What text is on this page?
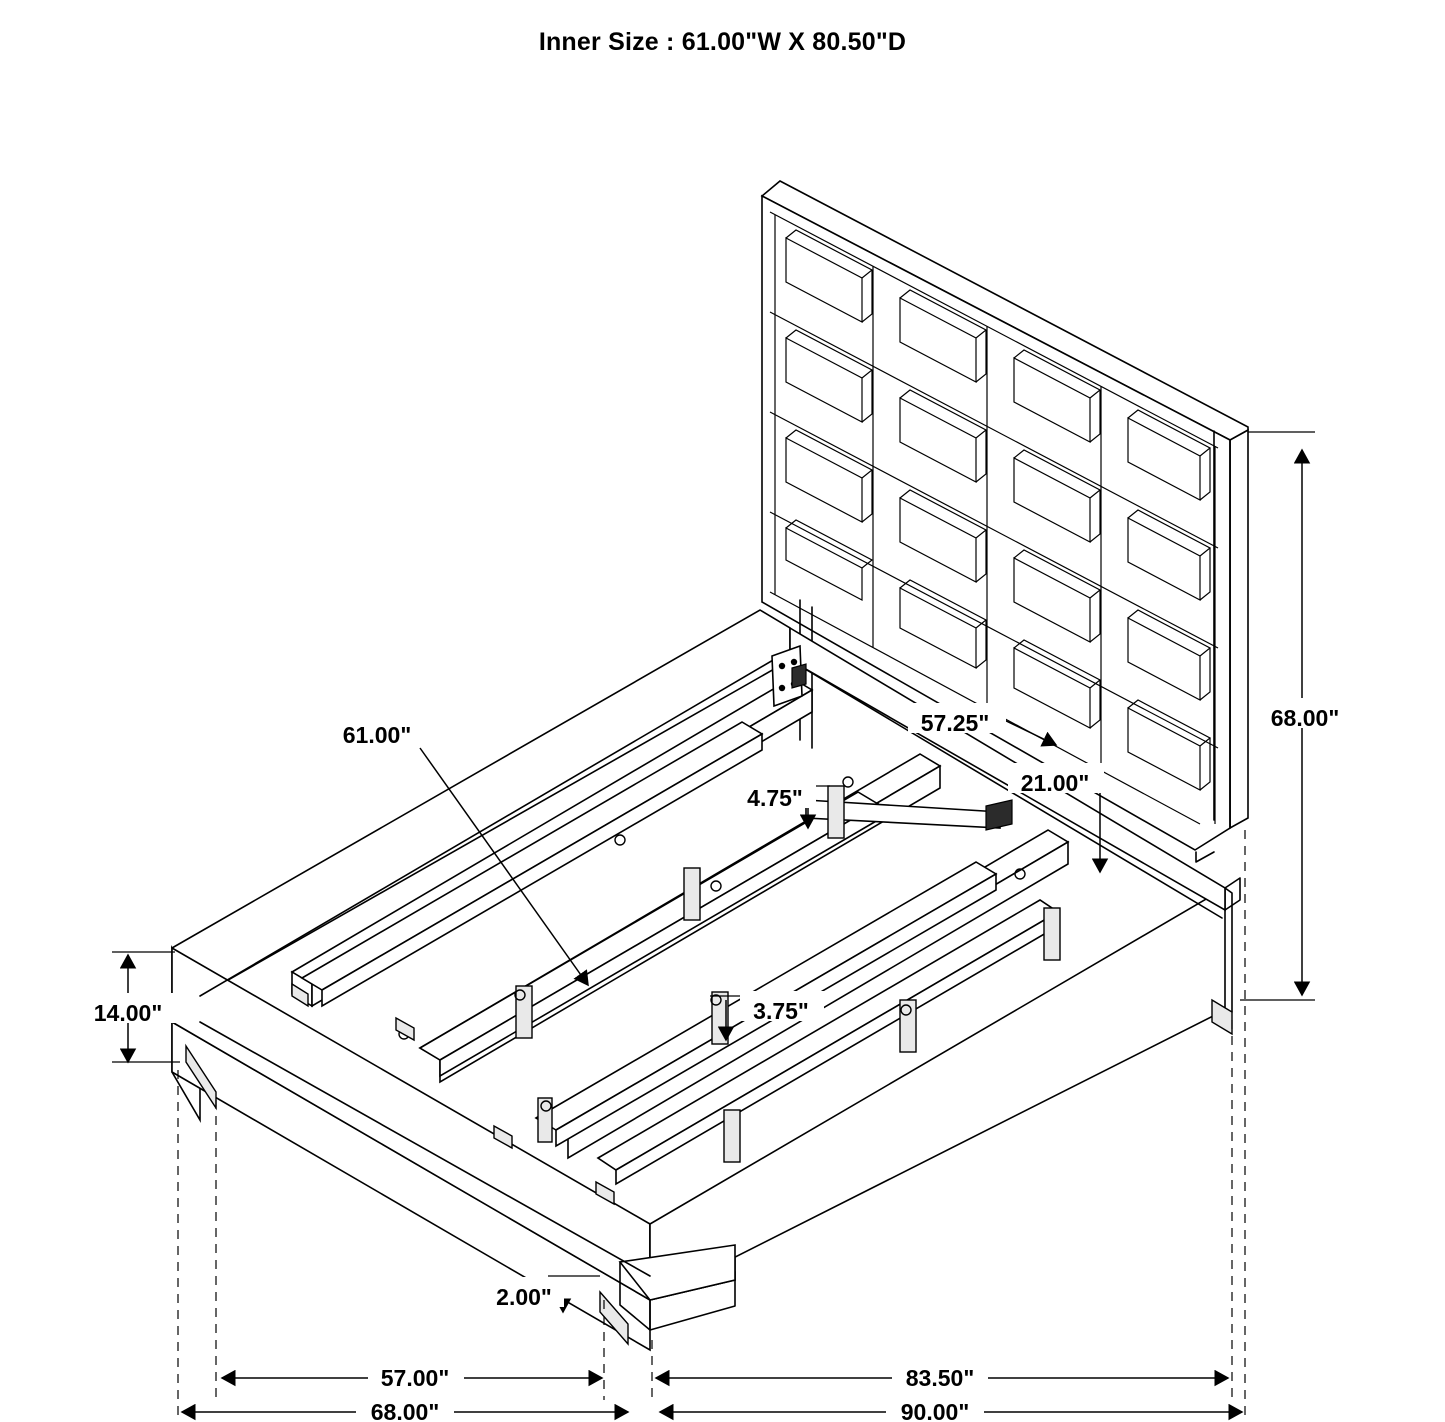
Inner Size : 61.00"W X 80.50"D
68.00"
57.25"
21.00"
4.75"
61.00"
3.75"
14.00"
2.00"
57.00"	83.50"
68.00"	90.00"
